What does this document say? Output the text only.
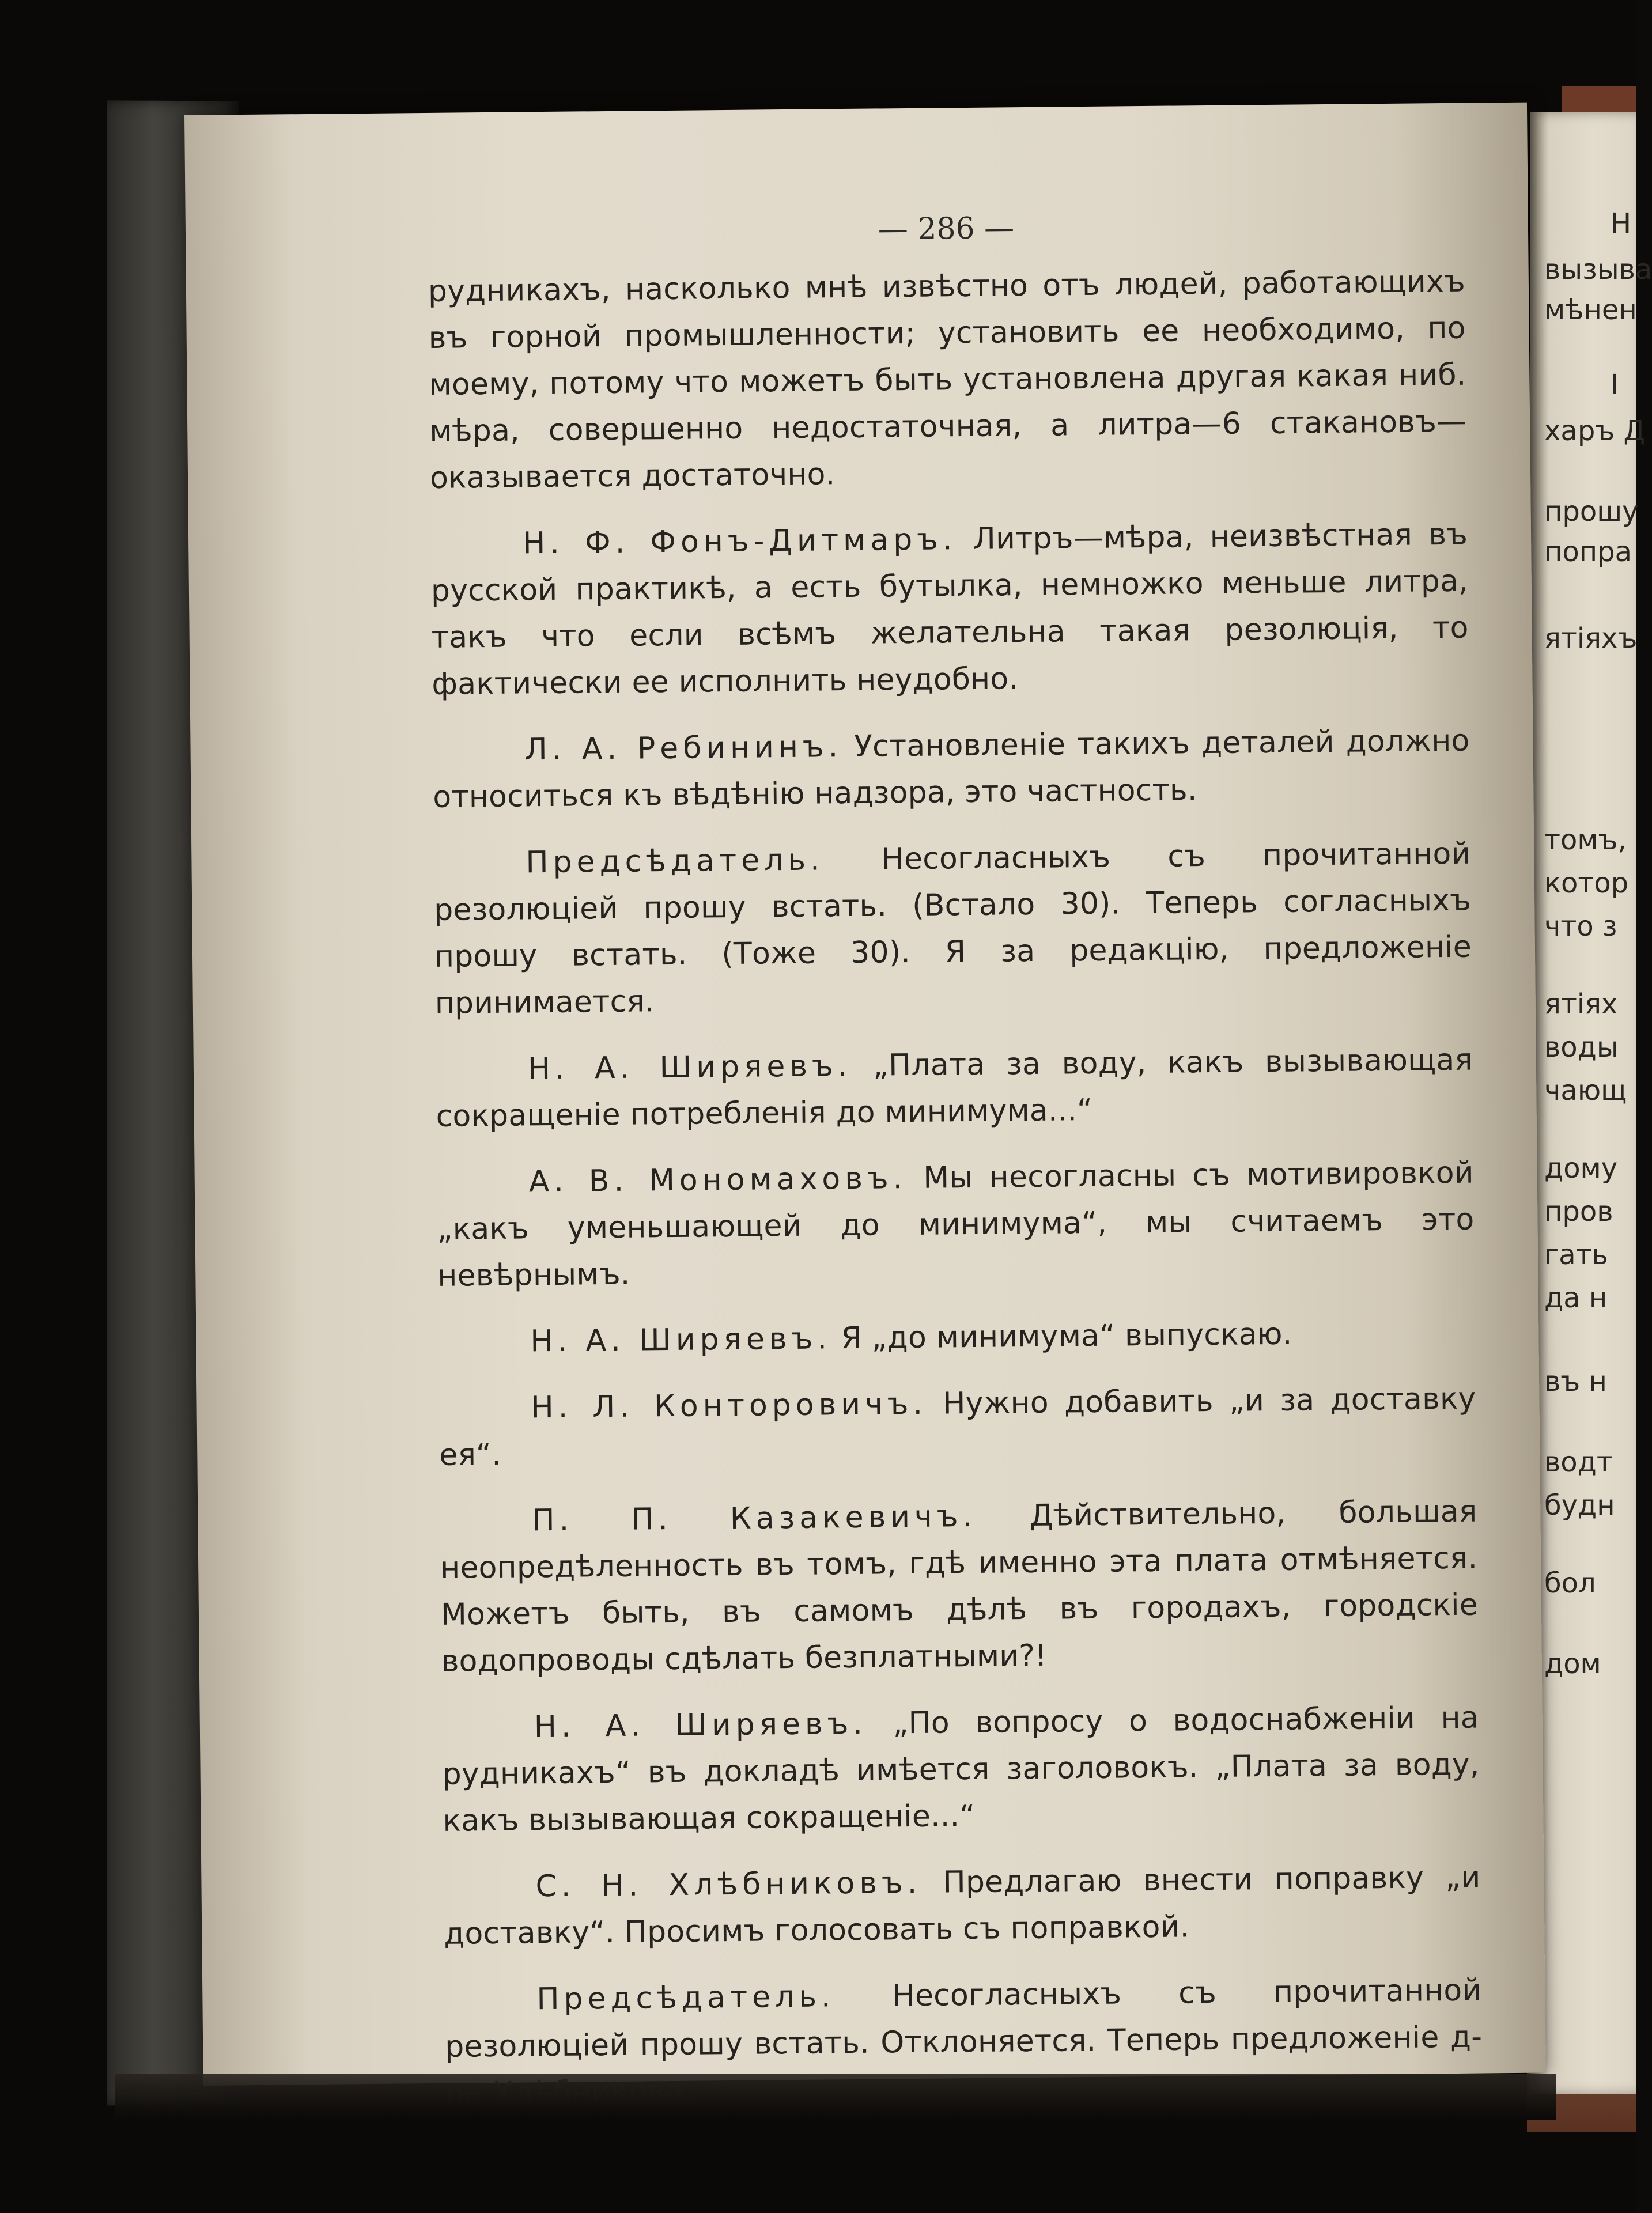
Н
вызыва
мѣнен
І
харъ Д
прошу
попра
ятіяхъ
томъ,
котор
что з
ятіях
воды
чающ
дому
пров
гать
да н
въ н
водт
будн
бол
дом
— 286 —

рудникахъ, насколько мнѣ извѣстно отъ людей, работающихъ въ горной промышленности; установить ее необходимо, по моему, потому что можетъ быть установлена другая какая ниб. мѣра, совершенно недостаточная, а литра—6 стакановъ—оказывается достаточно.

Н. Ф. Фонъ-Дитмаръ. Литръ—мѣра, неизвѣстная въ русской практикѣ, а есть бутылка, немножко меньше литра, такъ что если всѣмъ желательна такая резолюція, то фактически ее исполнить неудобно.

Л. А. Ребининъ. Установленіе такихъ деталей должно относиться къ вѣдѣнію надзора, это частность.

Предсѣдатель. Несогласныхъ съ прочитанной резолюціей прошу встать. (Встало 30). Теперь согласныхъ прошу встать. (Тоже 30). Я за редакцію, предложеніе принимается.

Н. А. Ширяевъ. „Плата за воду, какъ вызывающая сокращеніе потребленія до минимума...“

А. В. Мономаховъ. Мы несогласны съ мотивировкой „какъ уменьшающей до минимума“, мы считаемъ это невѣрнымъ.

Н. А. Ширяевъ. Я „до минимума“ выпускаю.

Н. Л. Конторовичъ. Нужно добавить „и за доставку ея“.

П. П. Казакевичъ. Дѣйствительно, большая неопредѣленность въ томъ, гдѣ именно эта плата отмѣняется. Можетъ быть, въ самомъ дѣлѣ въ городахъ, городскіе водопроводы сдѣлать безплатными?!

Н. А. Ширяевъ. „По вопросу о водоснабженіи на рудникахъ“ въ докладѣ имѣется заголовокъ. „Плата за воду, какъ вызывающая сокращеніе...“

С. Н. Хлѣбниковъ. Предлагаю внести поправку „и доставку“. Просимъ голосовать съ поправкой.

Предсѣдатель. Несогласныхъ съ прочитанной резолюціей прошу встать. Отклоняется. Теперь предложеніе д-ра
